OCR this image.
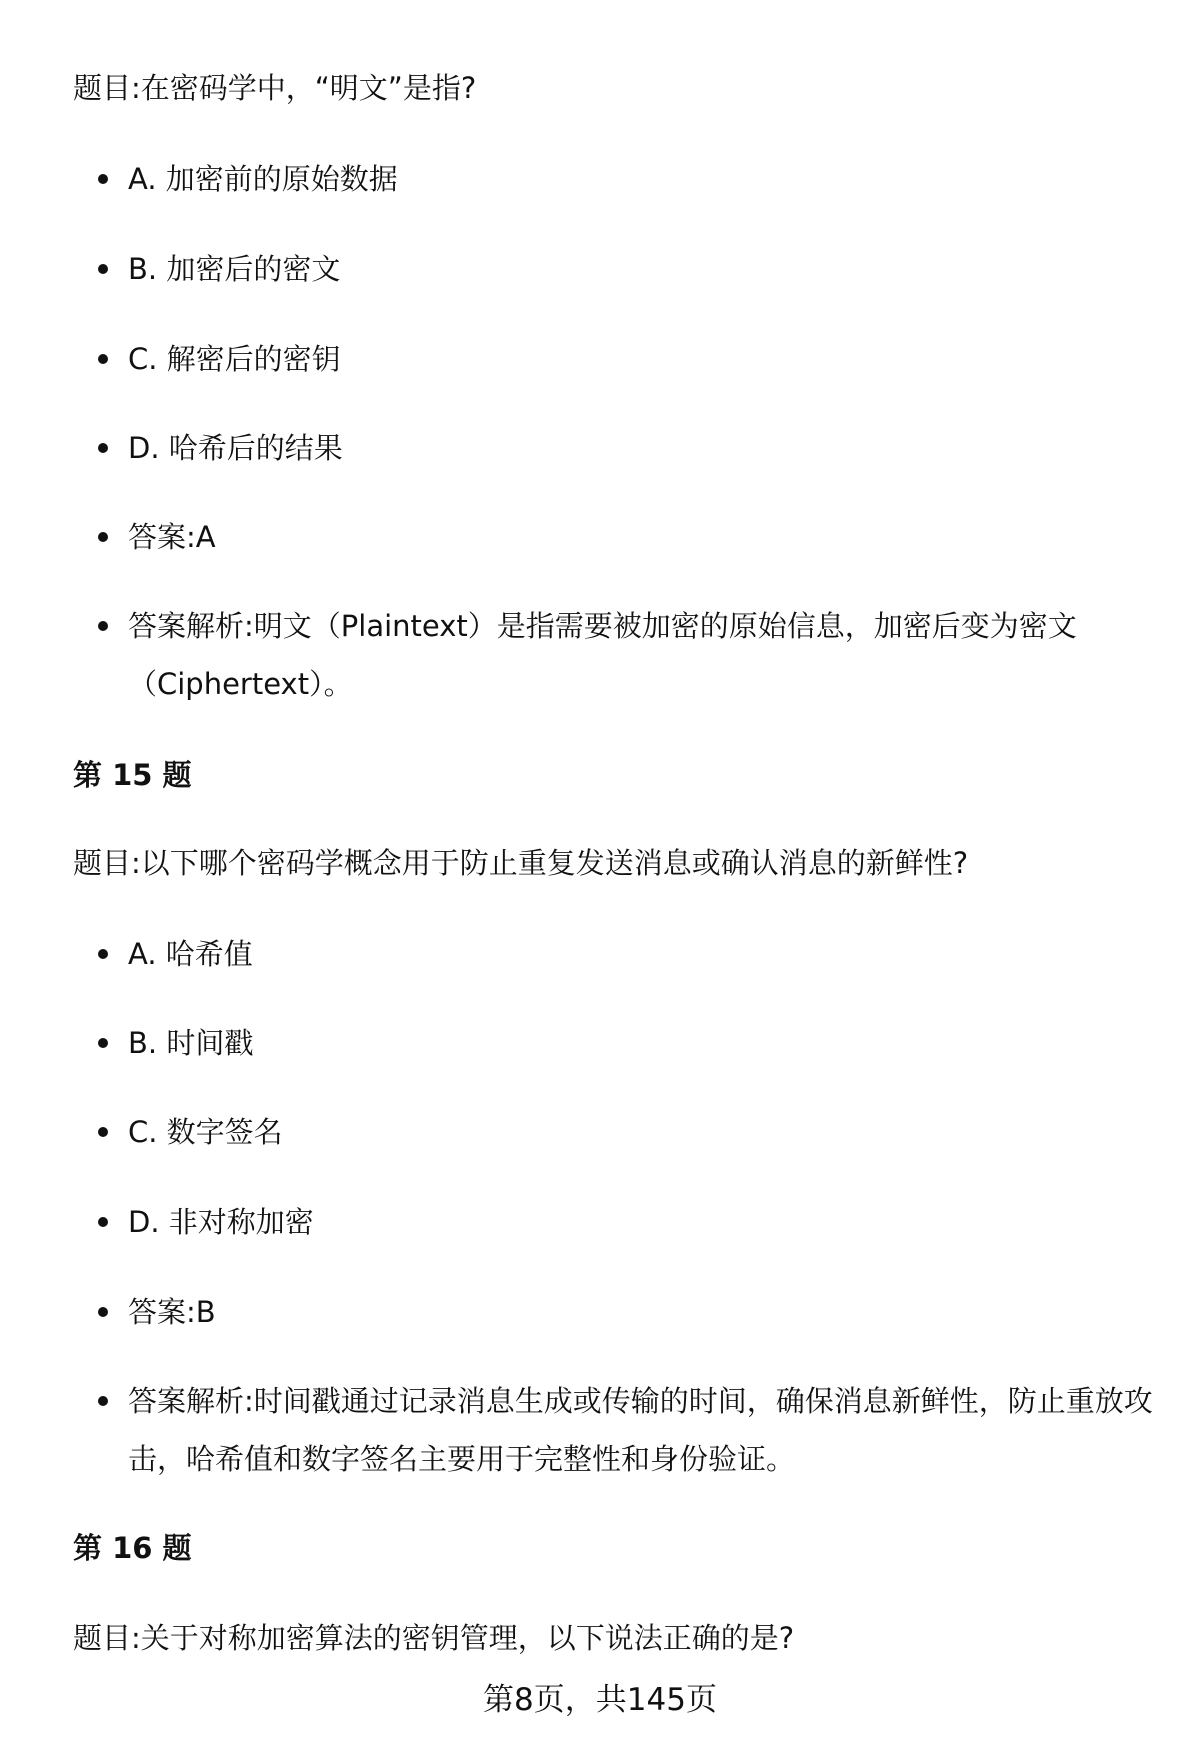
题目:在密码学中，“明文”是指?
A. 加密前的原始数据
B. 加密后的密文
C. 解密后的密钥
D. 哈希后的结果
答案:A
答案解析:明文（Plaintext）是指需要被加密的原始信息，加密后变为密文（Ciphertext）。
第 15 题
题目:以下哪个密码学概念用于防止重复发送消息或确认消息的新鲜性?
A. 哈希值
B. 时间戳
C. 数字签名
D. 非对称加密
答案:B
答案解析:时间戳通过记录消息生成或传输的时间，确保消息新鲜性，防止重放攻击，哈希值和数字签名主要用于完整性和身份验证。
第 16 题
题目:关于对称加密算法的密钥管理，以下说法正确的是?
第8页，共145页
